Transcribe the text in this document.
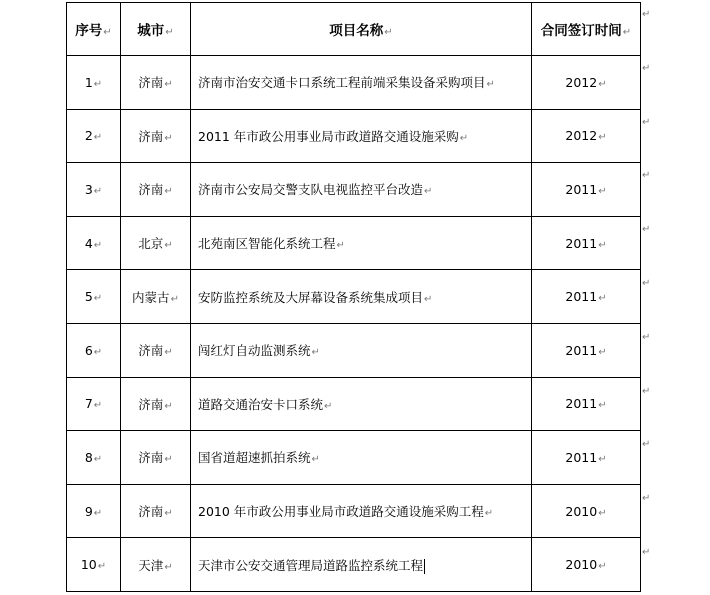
序号↵	城市↵	项目名称↵	合同签订时间↵
1↵	济南↵	济南市治安交通卡口系统工程前端采集设备采购项目↵	2012↵
2↵	济南↵	2011 年市政公用事业局市政道路交通设施采购↵	2012↵
3↵	济南↵	济南市公安局交警支队电视监控平台改造↵	2011↵
4↵	北京↵	北苑南区智能化系统工程↵	2011↵
5↵	内蒙古↵	安防监控系统及大屏幕设备系统集成项目↵	2011↵
6↵	济南↵	闯红灯自动监测系统↵	2011↵
7↵	济南↵	道路交通治安卡口系统↵	2011↵
8↵	济南↵	国省道超速抓拍系统↵	2011↵
9↵	济南↵	2010 年市政公用事业局市政道路交通设施采购工程↵	2010↵
10↵	天津↵	天津市公安交通管理局道路监控系统工程	2010↵
↵
↵
↵
↵
↵
↵
↵
↵
↵
↵
↵
